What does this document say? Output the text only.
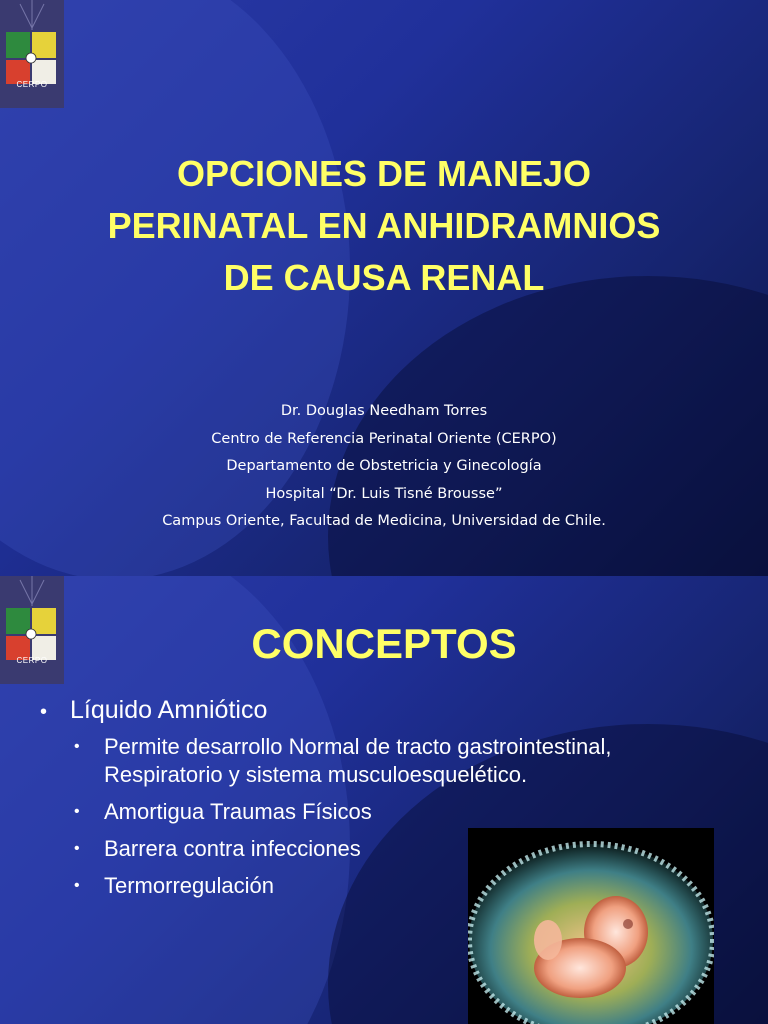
CERPO
OPCIONES DE MANEJO
PERINATAL EN ANHIDRAMNIOS
DE CAUSA RENAL
Dr. Douglas Needham Torres
Centro de Referencia Perinatal Oriente (CERPO)
Departamento de Obstetricia y Ginecología
Hospital “Dr. Luis Tisné Brousse”
Campus Oriente, Facultad de Medicina, Universidad de Chile.
CERPO	CONCEPTOS
• Líquido Amniótico
•	Permite desarrollo Normal de tracto gastrointestinal, Respiratorio y sistema musculoesquelético.
•	Amortigua Traumas Físicos
•	Barrera contra infecciones
•	Termorregulación
